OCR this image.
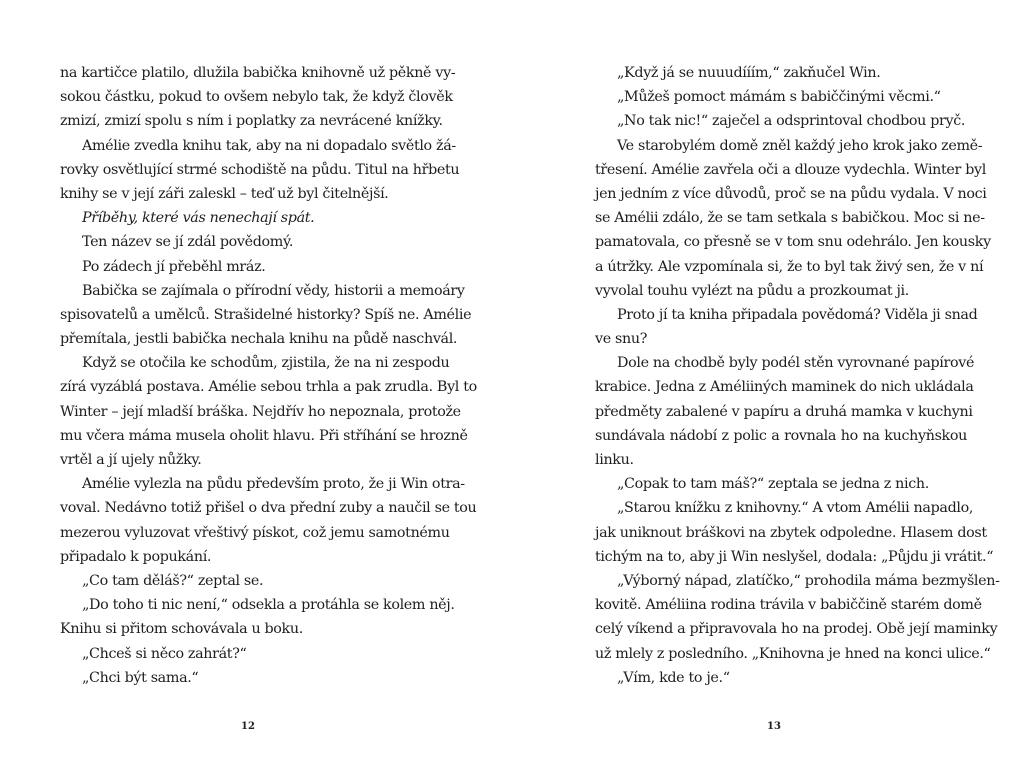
na kartičce platilo, dlužila babička knihovně už pěkně vy-
sokou částku, pokud to ovšem nebylo tak, že když člověk
zmizí, zmizí spolu s ním i poplatky za nevrácené knížky.
Amélie zvedla knihu tak, aby na ni dopadalo světlo žá-
rovky osvětlující strmé schodiště na půdu. Titul na hřbetu
knihy se v její záři zaleskl – teď už byl čitelnější.
Příběhy, které vás nenechají spát.
Ten název se jí zdál povědomý.
Po zádech jí přeběhl mráz.
Babička se zajímala o přírodní vědy, historii a memoáry
spisovatelů a umělců. Strašidelné historky? Spíš ne. Amélie
přemítala, jestli babička nechala knihu na půdě naschvál.
Když se otočila ke schodům, zjistila, že na ni zespodu
zírá vyzáblá postava. Amélie sebou trhla a pak zrudla. Byl to
Winter – její mladší bráška. Nejdřív ho nepoznala, protože
mu včera máma musela oholit hlavu. Při stříhání se hrozně
vrtěl a jí ujely nůžky.
Amélie vylezla na půdu především proto, že ji Win otra-
voval. Nedávno totiž přišel o dva přední zuby a naučil se tou
mezerou vyluzovat vřeštivý pískot, což jemu samotnému
připadalo k popukání.
„Co tam děláš?“ zeptal se.
„Do toho ti nic není,“ odsekla a protáhla se kolem něj.
Knihu si přitom schovávala u boku.
„Chceš si něco zahrát?“
„Chci být sama.“
12
„Když já se nuuudííím,“ zakňučel Win.
„Můžeš pomoct mámám s babiččinými věcmi.“
„No tak nic!“ zaječel a odsprintoval chodbou pryč.
Ve starobylém domě zněl každý jeho krok jako země-
třesení. Amélie zavřela oči a dlouze vydechla. Winter byl
jen jedním z více důvodů, proč se na půdu vydala. V noci
se Amélii zdálo, že se tam setkala s babičkou. Moc si ne-
pamatovala, co přesně se v tom snu odehrálo. Jen kousky
a útržky. Ale vzpomínala si, že to byl tak živý sen, že v ní
vyvolal touhu vylézt na půdu a prozkoumat ji.
Proto jí ta kniha připadala povědomá? Viděla ji snad
ve snu?
Dole na chodbě byly podél stěn vyrovnané papírové
krabice. Jedna z Améliiných maminek do nich ukládala
předměty zabalené v papíru a druhá mamka v kuchyni
sundávala nádobí z polic a rovnala ho na kuchyňskou
linku.
„Copak to tam máš?“ zeptala se jedna z nich.
„Starou knížku z knihovny.“ A vtom Amélii napadlo,
jak uniknout bráškovi na zbytek odpoledne. Hlasem dost
tichým na to, aby ji Win neslyšel, dodala: „Půjdu ji vrátit.“
„Výborný nápad, zlatíčko,“ prohodila máma bezmyšlen-
kovitě. Améliina rodina trávila v babiččině starém domě
celý víkend a připravovala ho na prodej. Obě její maminky
už mlely z posledního. „Knihovna je hned na konci ulice.“
„Vím, kde to je.“
13
